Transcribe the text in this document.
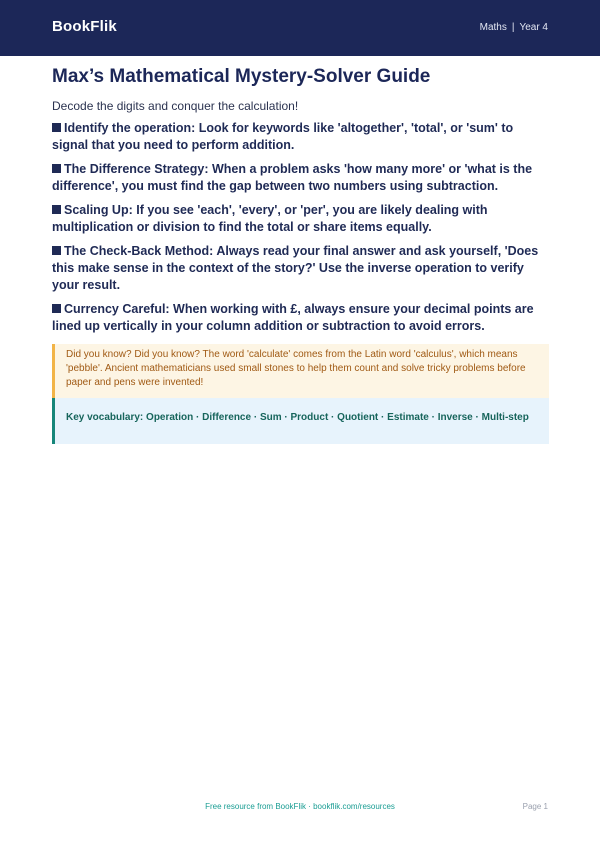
BookFlik	Maths | Year 4
Max’s Mathematical Mystery-Solver Guide
Decode the digits and conquer the calculation!
Identify the operation: Look for keywords like 'altogether', 'total', or 'sum' to signal that you need to perform addition.
The Difference Strategy: When a problem asks 'how many more' or 'what is the difference', you must find the gap between two numbers using subtraction.
Scaling Up: If you see 'each', 'every', or 'per', you are likely dealing with multiplication or division to find the total or share items equally.
The Check-Back Method: Always read your final answer and ask yourself, 'Does this make sense in the context of the story?' Use the inverse operation to verify your result.
Currency Careful: When working with £, always ensure your decimal points are lined up vertically in your column addition or subtraction to avoid errors.
Did you know? Did you know? The word 'calculate' comes from the Latin word 'calculus', which means 'pebble'. Ancient mathematicians used small stones to help them count and solve tricky problems before paper and pens were invented!
Key vocabulary: Operation · Difference · Sum · Product · Quotient · Estimate · Inverse · Multi-step
Free resource from BookFlik · bookflik.com/resources	Page 1
